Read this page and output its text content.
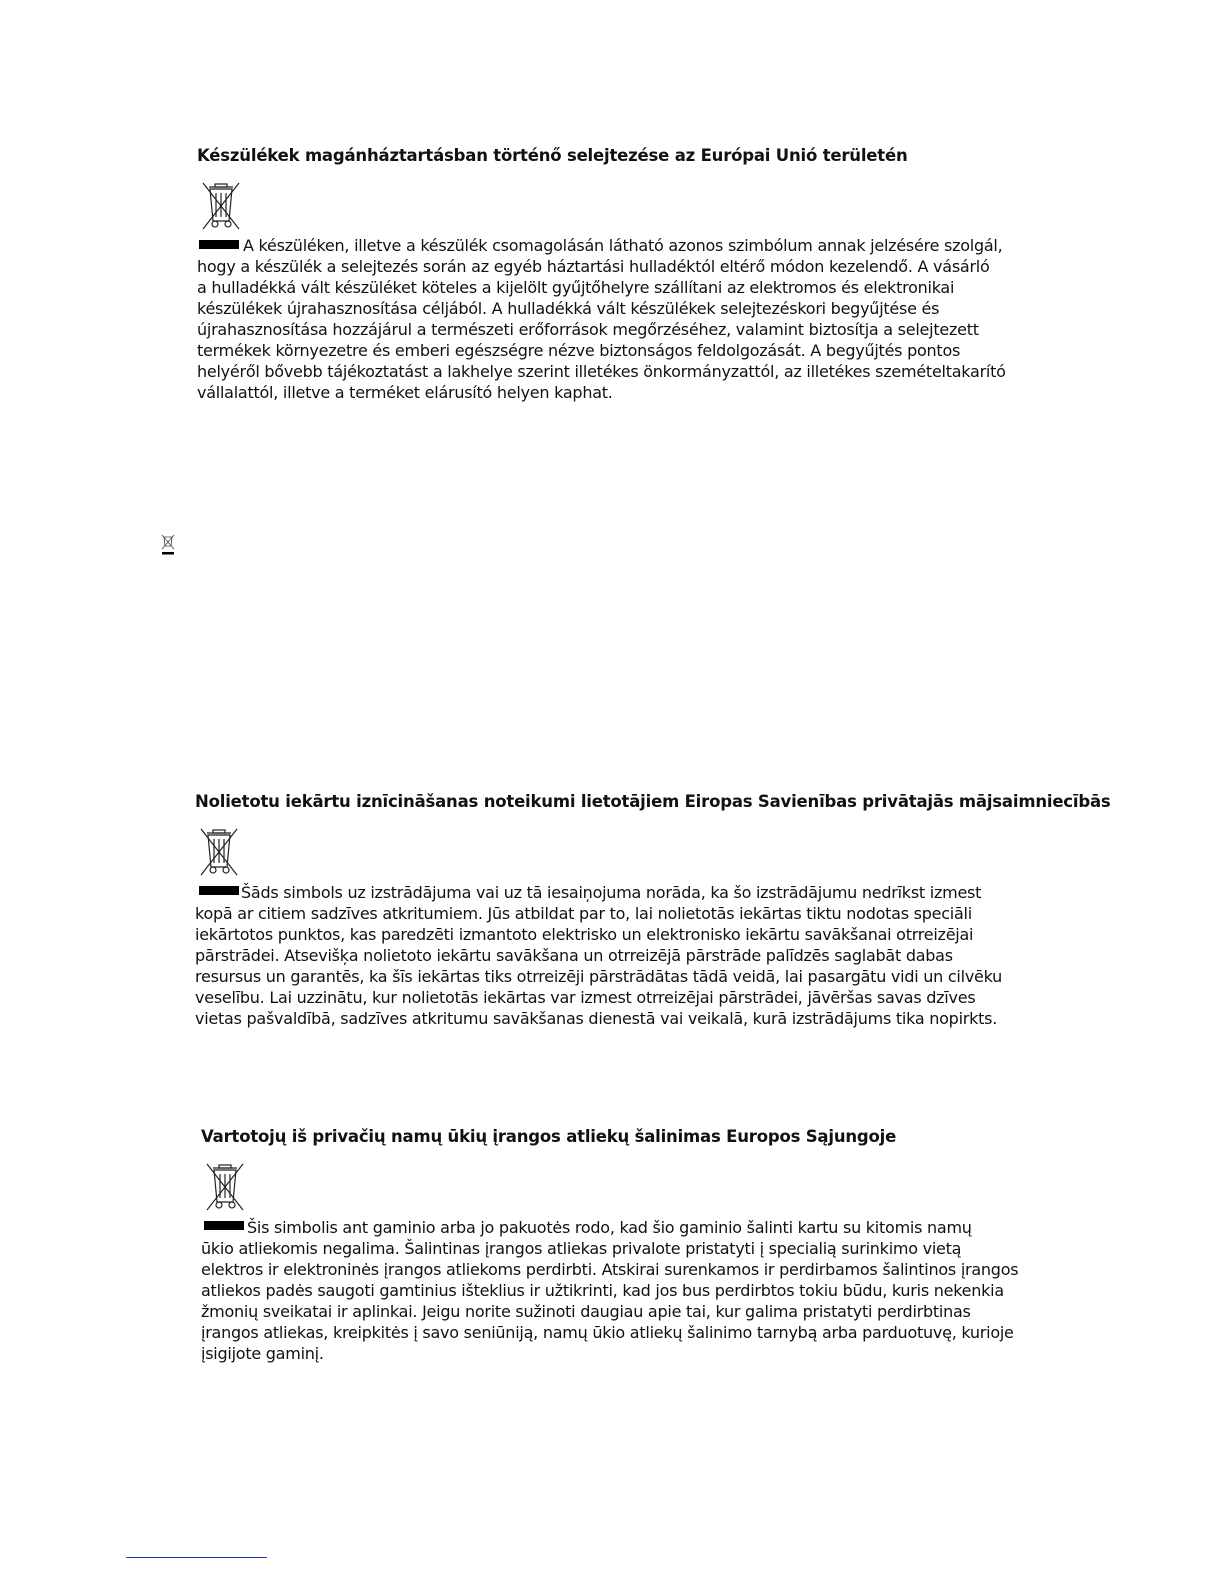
Készülékek magánháztartásban történő selejtezése az Európai Unió területén

A készüléken, illetve a készülék csomagolásán látható azonos szimbólum annak jelzésére szolgál,
hogy a készülék a selejtezés során az egyéb háztartási hulladéktól eltérő módon kezelendő. A vásárló
a hulladékká vált készüléket köteles a kijelölt gyűjtőhelyre szállítani az elektromos és elektronikai
készülékek újrahasznosítása céljából. A hulladékká vált készülékek selejtezéskori begyűjtése és
újrahasznosítása hozzájárul a természeti erőforrások megőrzéséhez, valamint biztosítja a selejtezett
termékek környezetre és emberi egészségre nézve biztonságos feldolgozását. A begyűjtés pontos
helyéről bővebb tájékoztatást a lakhelye szerint illetékes önkormányzattól, az illetékes szemételtakarító
vállalattól, illetve a terméket elárusító helyen kaphat.

Nolietotu iekārtu iznīcināšanas noteikumi lietotājiem Eiropas Savienības privātajās mājsaimniecībās

Šāds simbols uz izstrādājuma vai uz tā iesaiņojuma norāda, ka šo izstrādājumu nedrīkst izmest
kopā ar citiem sadzīves atkritumiem. Jūs atbildat par to, lai nolietotās iekārtas tiktu nodotas speciāli
iekārtotos punktos, kas paredzēti izmantoto elektrisko un elektronisko iekārtu savākšanai otrreizējai
pārstrādei. Atsevišķa nolietoto iekārtu savākšana un otrreizējā pārstrāde palīdzēs saglabāt dabas
resursus un garantēs, ka šīs iekārtas tiks otrreizēji pārstrādātas tādā veidā, lai pasargātu vidi un cilvēku
veselību. Lai uzzinātu, kur nolietotās iekārtas var izmest otrreizējai pārstrādei, jāvēršas savas dzīves
vietas pašvaldībā, sadzīves atkritumu savākšanas dienestā vai veikalā, kurā izstrādājums tika nopirkts.

Vartotojų iš privačių namų ūkių įrangos atliekų šalinimas Europos Sąjungoje

Šis simbolis ant gaminio arba jo pakuotės rodo, kad šio gaminio šalinti kartu su kitomis namų
ūkio atliekomis negalima. Šalintinas įrangos atliekas privalote pristatyti į specialią surinkimo vietą
elektros ir elektroninės įrangos atliekoms perdirbti. Atskirai surenkamos ir perdirbamos šalintinos įrangos
atliekos padės saugoti gamtinius išteklius ir užtikrinti, kad jos bus perdirbtos tokiu būdu, kuris nekenkia
žmonių sveikatai ir aplinkai. Jeigu norite sužinoti daugiau apie tai, kur galima pristatyti perdirbtinas
įrangos atliekas, kreipkitės į savo seniūniją, namų ūkio atliekų šalinimo tarnybą arba parduotuvę, kurioje
įsigijote gaminį.
